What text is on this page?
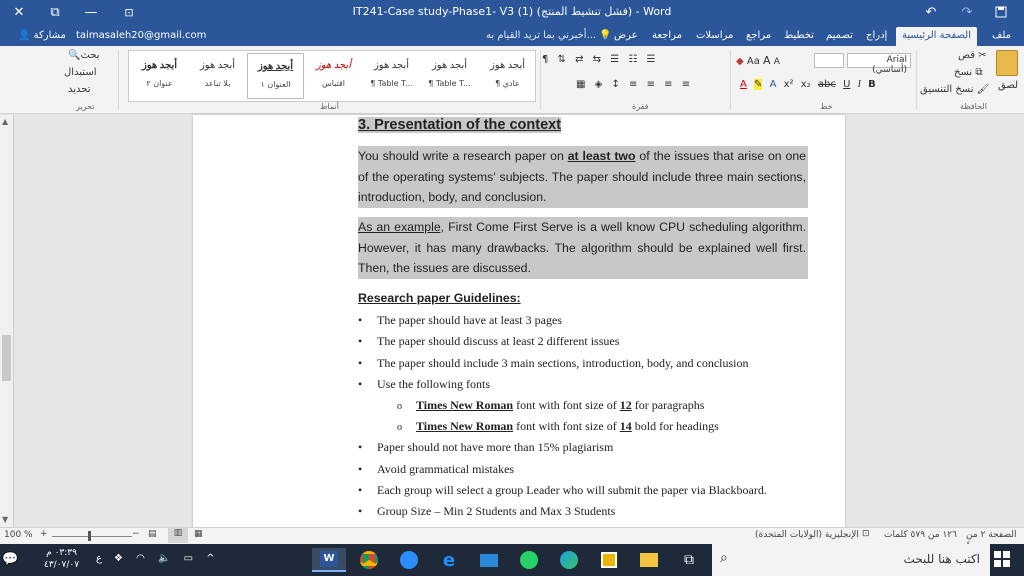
✕	⧉	—	⊡	IT241-Case study-Phase1- V3 (1) (فشل تنشيط المنتج) - Word	↷
↶
👤 مشاركة	taimasaleh20@gmail.com	أخبرني بما تريد القيام به... 💡 عرض	مراجعة	مراسلات	مراجع	تخطيط	تصميم	إدراج	الصفحة الرئيسية	ملف
🔍بحث
استبدال
تحديد
تحرير
أبجد هوز
عنوان ٢
أبجد هوز
بلا تباعد
أبجد هوز
العنوان ١
أبجد هوز
اقتباس
أبجد هوز
¶ Table T...
أبجد هوز
¶ Table T...
أبجد هوز
¶ عادي
أنماط
¶ ⇅ ⇄ ⇆ ☰ ☷ ☰
▦ ◈ ↕ ≡ ≡ ≡ ≡
فقرة
◆ Aa A A	Arial (أساسي)
A ✎ A x² x₂ abc U I B
خط
قص ✂
نسخ ⧉
نسخ التنسيق 🖌 لصق
الحافظة
▲
▼
3. Presentation of the context
You should write a research paper on at least two of the issues that arise on one of the operating systems' subjects. The paper should include three main sections, introduction, body, and conclusion.
As an example, First Come First Serve is a well know CPU scheduling algorithm. However, it has many drawbacks. The algorithm should be explained well first. Then, the issues are discussed.
Research paper Guidelines:
• The paper should have at least 3 pages
• The paper should discuss at least 2 different issues
• The paper should include 3 main sections, introduction, body, and conclusion
• Use the following fonts
o Times New Roman font with font size of 12 for paragraphs
o Times New Roman font with font size of 14 bold for headings
• Paper should not have more than 15% plagiarism
• Avoid grammatical mistakes
• Each group will select a group Leader who will submit the paper via Blackboard.
• Group Size – Min 2 Students and Max 3 Students
100 % +	− ▤	▥	▦	الإنجليزية (الولايات المتحدة) ⊡ ١٢٦ من ٥٧٩ كلمات	الصفحة ٢ من
💬	٠٣:٣٩ م
٤٣/٠٧/٠٧
ع ❖ ◠ 🔈 ▭ ^	W	e	⧉	اكتب هنا للبحث
⌕
